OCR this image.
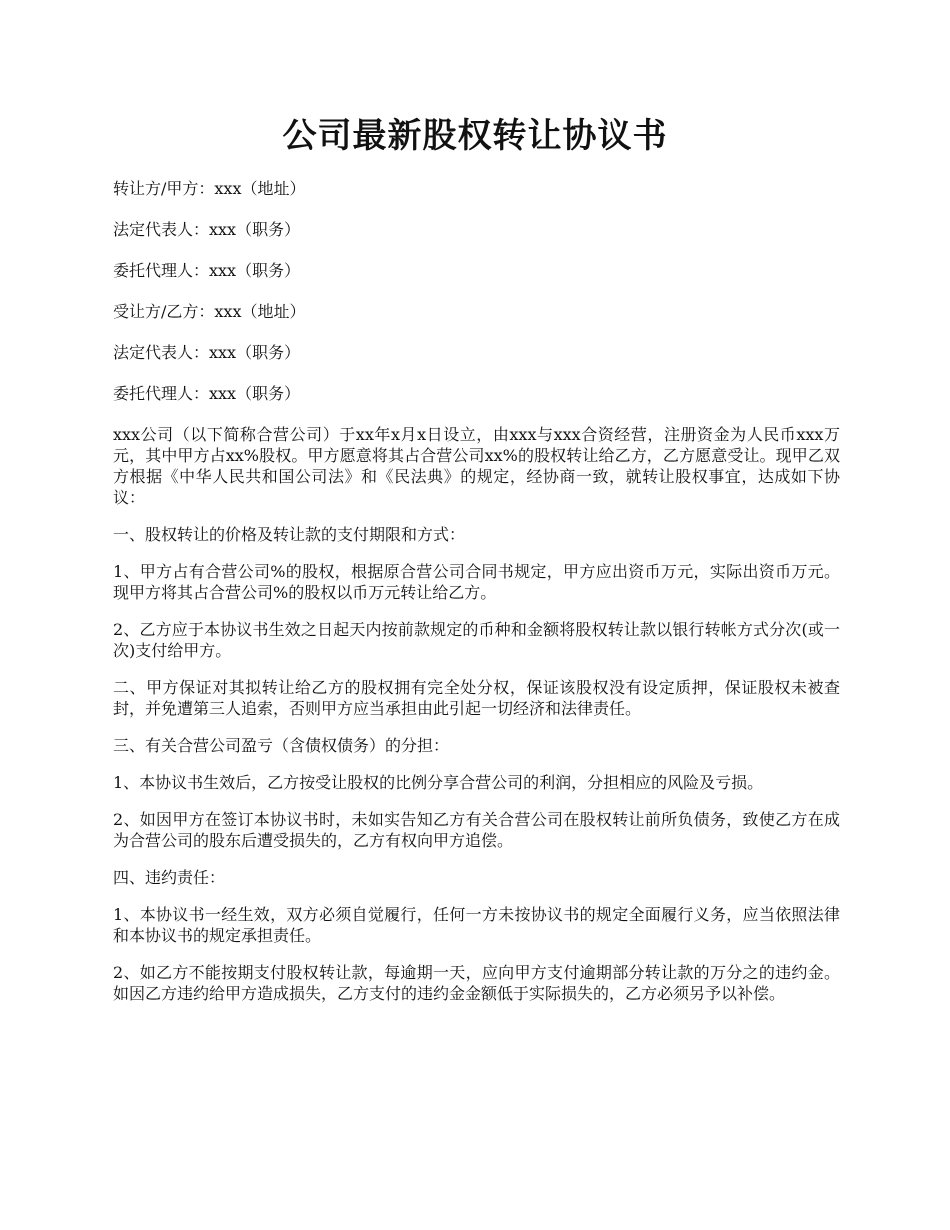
公司最新股权转让协议书

转让方/甲方：xxx（地址）

法定代表人：xxx（职务）

委托代理人：xxx（职务）

受让方/乙方：xxx（地址）

法定代表人：xxx（职务）

委托代理人：xxx（职务）

xxx公司（以下简称合营公司）于xx年x月x日设立，由xxx与xxx合资经营，注册资金为人民币xxx万元，其中甲方占xx%股权。甲方愿意将其占合营公司xx%的股权转让给乙方，乙方愿意受让。现甲乙双方根据《中华人民共和国公司法》和《民法典》的规定，经协商一致，就转让股权事宜，达成如下协议：

一、股权转让的价格及转让款的支付期限和方式：

1、甲方占有合营公司%的股权，根据原合营公司合同书规定，甲方应出资币万元，实际出资币万元。现甲方将其占合营公司%的股权以币万元转让给乙方。

2、乙方应于本协议书生效之日起天内按前款规定的币种和金额将股权转让款以银行转帐方式分次(或一次)支付给甲方。

二、甲方保证对其拟转让给乙方的股权拥有完全处分权，保证该股权没有设定质押，保证股权未被查封，并免遭第三人追索，否则甲方应当承担由此引起一切经济和法律责任。

三、有关合营公司盈亏（含债权债务）的分担：

1、本协议书生效后，乙方按受让股权的比例分享合营公司的利润，分担相应的风险及亏损。

2、如因甲方在签订本协议书时，未如实告知乙方有关合营公司在股权转让前所负债务，致使乙方在成为合营公司的股东后遭受损失的，乙方有权向甲方追偿。

四、违约责任：

1、本协议书一经生效，双方必须自觉履行，任何一方未按协议书的规定全面履行义务，应当依照法律和本协议书的规定承担责任。

2、如乙方不能按期支付股权转让款，每逾期一天，应向甲方支付逾期部分转让款的万分之的违约金。如因乙方违约给甲方造成损失，乙方支付的违约金金额低于实际损失的，乙方必须另予以补偿。
